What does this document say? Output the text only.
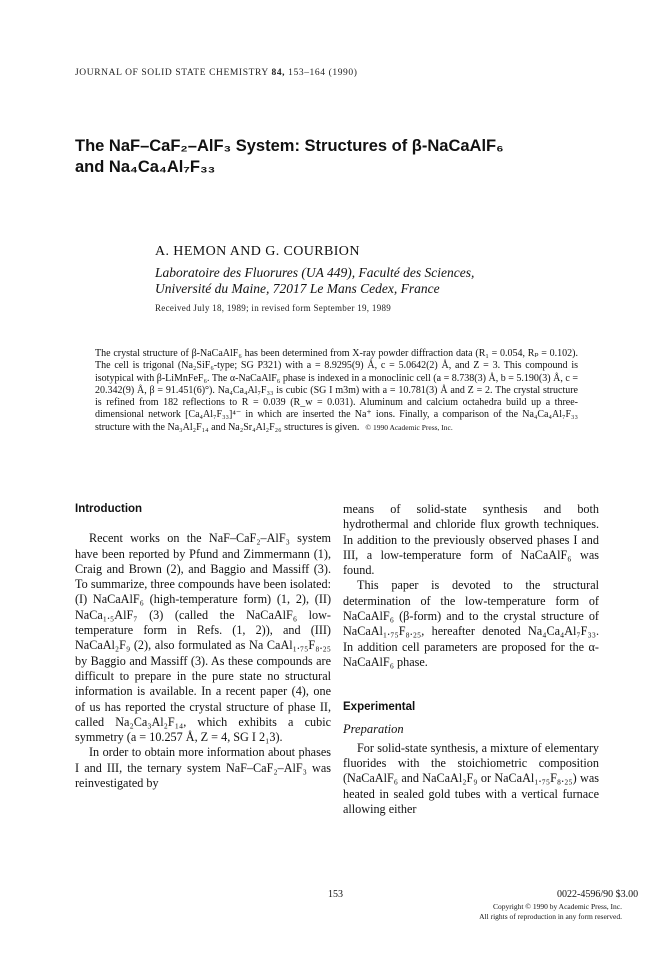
JOURNAL OF SOLID STATE CHEMISTRY 84, 153–164 (1990)
The NaF–CaF₂–AlF₃ System: Structures of β-NaCaAlF₆
and Na₄Ca₄Al₇F₃₃
A. HEMON AND G. COURBION
Laboratoire des Fluorures (UA 449), Faculté des Sciences,
Université du Maine, 72017 Le Mans Cedex, France
Received July 18, 1989; in revised form September 19, 1989
The crystal structure of β-NaCaAlF₆ has been determined from X-ray powder diffraction data (R₁ = 0.054, Rₚ = 0.102). The cell is trigonal (Na₂SiF₆-type; SG P321) with a = 8.9295(9) Å, c = 5.0642(2) Å, and Z = 3. This compound is isotypical with β-LiMnFeF₆. The α-NaCaAlF₆ phase is indexed in a monoclinic cell (a = 8.738(3) Å, b = 5.190(3) Å, c = 20.342(9) Å, β = 91.451(6)°). Na₄Ca₄Al₇F₃₃ is cubic (SG I m3m) with a = 10.781(3) Å and Z = 2. The crystal structure is refined from 182 reflections to R = 0.039 (R_w = 0.031). Aluminum and calcium octahedra build up a three-dimensional network [Ca₄Al₇F₃₃]⁴⁻ in which are inserted the Na⁺ ions. Finally, a comparison of the Na₄Ca₄Al₇F₃₃ structure with the Na₃Al₂F₁₄ and Na₂Sr₄Al₂F₂₆ structures is given. © 1990 Academic Press, Inc.
Introduction

Recent works on the NaF–CaF₂–AlF₃ system have been reported by Pfund and Zimmermann (1), Craig and Brown (2), and Baggio and Massiff (3). To summarize, three compounds have been isolated: (I) NaCaAlF₆ (high-temperature form) (1, 2), (II) NaCa₁.₅AlF₇ (3) (called the NaCaAlF₆ low-temperature form in Refs. (1, 2)), and (III) NaCaAl₂F₉ (2), also formulated as Na CaAl₁.₇₅F₈.₂₅ by Baggio and Massiff (3). As these compounds are difficult to prepare in the pure state no structural information is available. In a recent paper (4), one of us has reported the crystal structure of phase II, called Na₂Ca₃Al₂F₁₄, which exhibits a cubic symmetry (a = 10.257 Å, Z = 4, SG I 2₁3).

In order to obtain more information about phases I and III, the ternary system NaF–CaF₂–AlF₃ was reinvestigated by

means of solid-state synthesis and both hydrothermal and chloride flux growth techniques. In addition to the previously observed phases I and III, a low-temperature form of NaCaAlF₆ was found.

This paper is devoted to the structural determination of the low-temperature form of NaCaAlF₆ (β-form) and to the crystal structure of NaCaAl₁.₇₅F₈.₂₅, hereafter denoted Na₄Ca₄Al₇F₃₃. In addition cell parameters are proposed for the α-NaCaAlF₆ phase.

Experimental
Preparation

For solid-state synthesis, a mixture of elementary fluorides with the stoichiometric composition (NaCaAlF₆ and NaCaAl₂F₉ or NaCaAl₁.₇₅F₈.₂₅) was heated in sealed gold tubes with a vertical furnace allowing either

153	0022-4596/90 $3.00
Copyright © 1990 by Academic Press, Inc.
All rights of reproduction in any form reserved.
